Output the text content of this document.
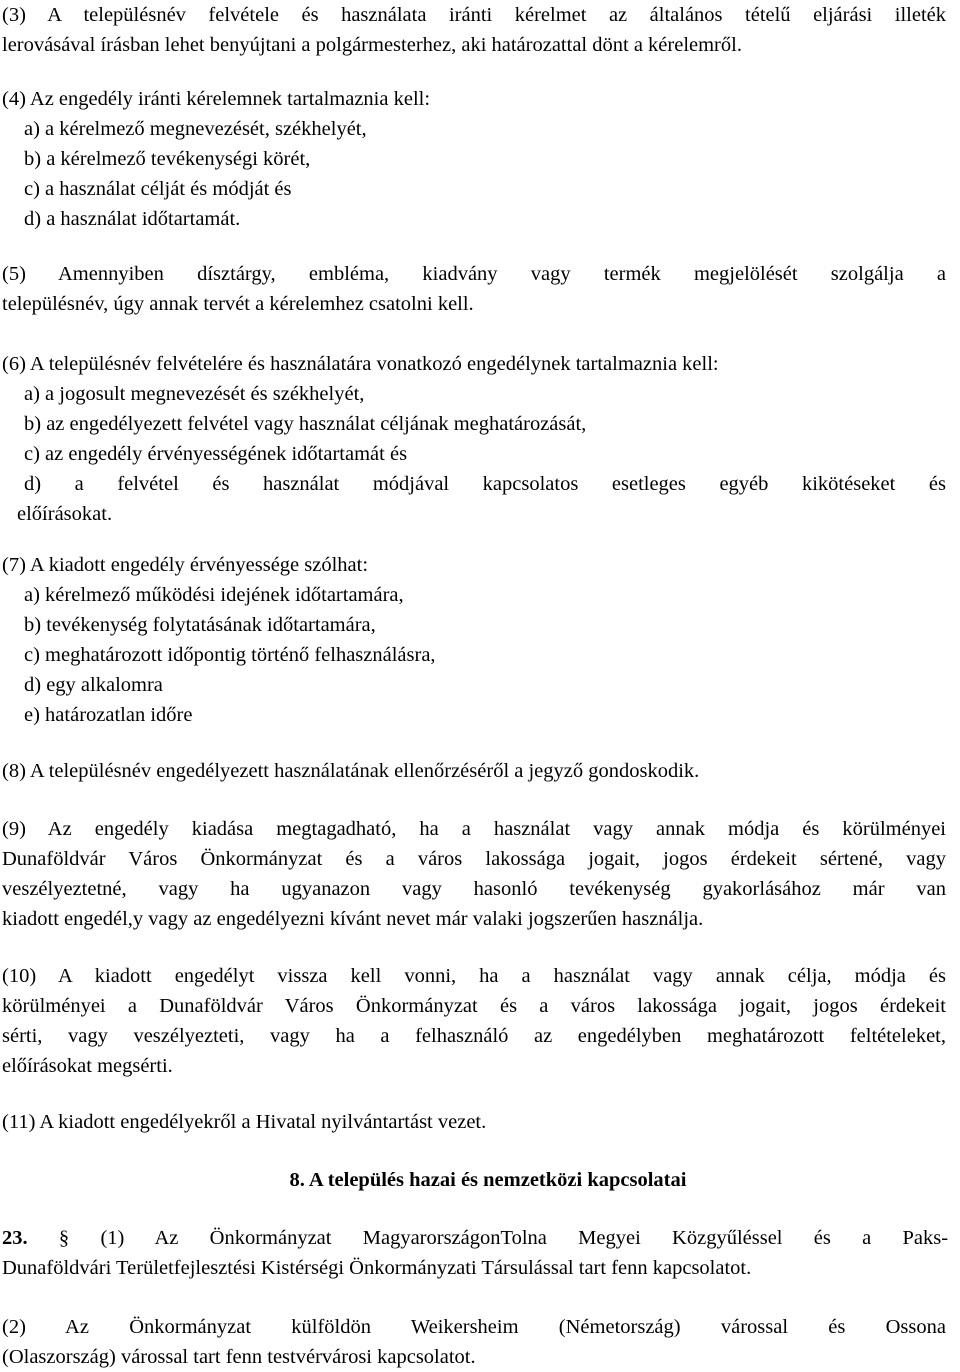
(3) A településnév felvétele és használata iránti kérelmet az általános tételű eljárási illeték
lerovásával írásban lehet benyújtani a polgármesterhez, aki határozattal dönt a kérelemről.
(4) Az engedély iránti kérelemnek tartalmaznia kell:
a) a kérelmező megnevezését, székhelyét,
b) a kérelmező tevékenységi körét,
c) a használat célját és módját és
d) a használat időtartamát.
(5) Amennyiben dísztárgy, embléma, kiadvány vagy termék megjelölését szolgálja a
településnév, úgy annak tervét a kérelemhez csatolni kell.
(6) A településnév felvételére és használatára vonatkozó engedélynek tartalmaznia kell:
a) a jogosult megnevezését és székhelyét,
b) az engedélyezett felvétel vagy használat céljának meghatározását,
c) az engedély érvényességének időtartamát és
d) a felvétel és használat módjával kapcsolatos esetleges egyéb kikötéseket és
előírásokat.
(7) A kiadott engedély érvényessége szólhat:
a) kérelmező működési idejének időtartamára,
b) tevékenység folytatásának időtartamára,
c) meghatározott időpontig történő felhasználásra,
d) egy alkalomra
e) határozatlan időre
(8) A településnév engedélyezett használatának ellenőrzéséről a jegyző gondoskodik.
(9) Az engedély kiadása megtagadható, ha a használat vagy annak módja és körülményei
Dunaföldvár Város Önkormányzat és a város lakossága jogait, jogos érdekeit sértené, vagy
veszélyeztetné, vagy ha ugyanazon vagy hasonló tevékenység gyakorlásához már van
kiadott engedél,y vagy az engedélyezni kívánt nevet már valaki jogszerűen használja.
(10) A kiadott engedélyt vissza kell vonni, ha a használat vagy annak célja, módja és
körülményei a Dunaföldvár Város Önkormányzat és a város lakossága jogait, jogos érdekeit
sérti, vagy veszélyezteti, vagy ha a felhasználó az engedélyben meghatározott feltételeket,
előírásokat megsérti.
(11) A kiadott engedélyekről a Hivatal nyilvántartást vezet.
8. A település hazai és nemzetközi kapcsolatai
23. § (1) Az Önkormányzat MagyarországonTolna Megyei Közgyűléssel és a Paks-
Dunaföldvári Területfejlesztési Kistérségi Önkormányzati Társulással tart fenn kapcsolatot.
(2) Az Önkormányzat külföldön Weikersheim (Németország) várossal és Ossona
(Olaszország) várossal tart fenn testvérvárosi kapcsolatot.
